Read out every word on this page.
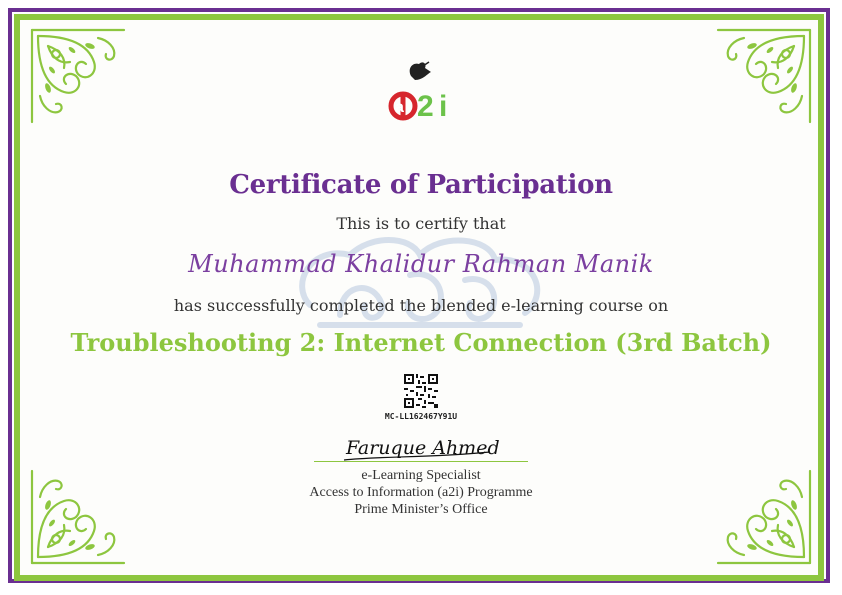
a 2 i
Certificate of Participation
This is to certify that
Muhammad Khalidur Rahman Manik
has successfully completed the blended e-learning course on
Troubleshooting 2: Internet Connection (3rd Batch)
MC-LL162467Y91U
Faruque Ahmed
e-Learning Specialist
Access to Information (a2i) Programme
Prime Minister’s Office
